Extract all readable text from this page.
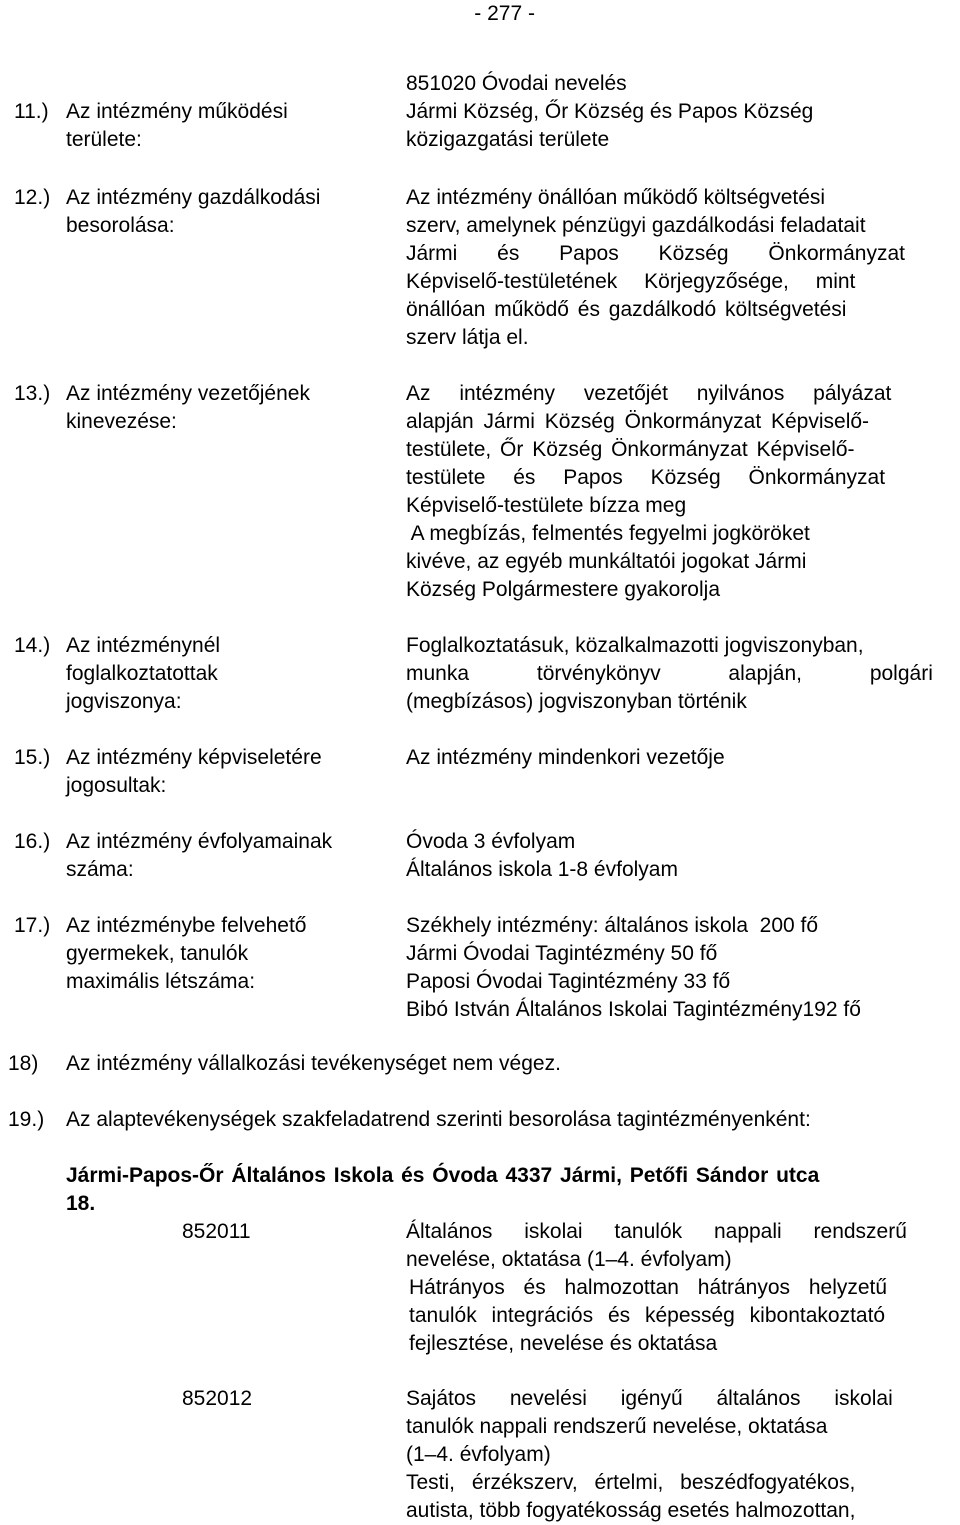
- 277 -
11.) Az intézmény működési
területe:
851020 Óvodai nevelés
Jármi Község, Őr Község és Papos Község
közigazgatási területe
12.) Az intézmény gazdálkodási
besorolása:
Az intézmény önállóan működő költségvetési
szerv, amelynek pénzügyi gazdálkodási feladatait
Jármi és Papos Község Önkormányzat
Képviselő-testületének Körjegyzősége, mint
önállóan működő és gazdálkodó költségvetési
szerv látja el.
13.) Az intézmény vezetőjének
kinevezése:
Az intézmény vezetőjét nyilvános pályázat
alapján Jármi Község Önkormányzat Képviselő-
testülete, Őr Község Önkormányzat Képviselő-
testülete és Papos Község Önkormányzat
Képviselő-testülete bízza meg
A megbízás, felmentés fegyelmi jogköröket
kivéve, az egyéb munkáltatói jogokat Jármi
Község Polgármestere gyakorolja
14.) Az intézménynél
foglalkoztatottak
jogviszonya:
Foglalkoztatásuk, közalkalmazotti jogviszonyban,
munka törvénykönyv alapján, polgári
(megbízásos) jogviszonyban történik
15.) Az intézmény képviseletére
jogosultak:
Az intézmény mindenkori vezetője
16.) Az intézmény évfolyamainak
száma:
Óvoda 3 évfolyam
Általános iskola 1-8 évfolyam
17.) Az intézménybe felvehető
gyermekek, tanulók
maximális létszáma:
Székhely intézmény: általános iskola  200 fő
Jármi Óvodai Tagintézmény 50 fő
Paposi Óvodai Tagintézmény 33 fő
Bibó István Általános Iskolai Tagintézmény192 fő
18) Az intézmény vállalkozási tevékenységet nem végez.
19.) Az alaptevékenységek szakfeladatrend szerinti besorolása tagintézményenként:
Jármi-Papos-Őr Általános Iskola és Óvoda 4337 Jármi, Petőfi Sándor utca
18.
852011	Általános iskolai tanulók nappali rendszerű
nevelése, oktatása (1–4. évfolyam)
Hátrányos és halmozottan hátrányos helyzetű
tanulók integrációs és képesség kibontakoztató
fejlesztése, nevelése és oktatása
852012	Sajátos nevelési igényű általános iskolai
tanulók nappali rendszerű nevelése, oktatása
(1–4. évfolyam)
Testi, érzékszerv, értelmi, beszédfogyatékos,
autista, több fogyatékosság esetés halmozottan,
